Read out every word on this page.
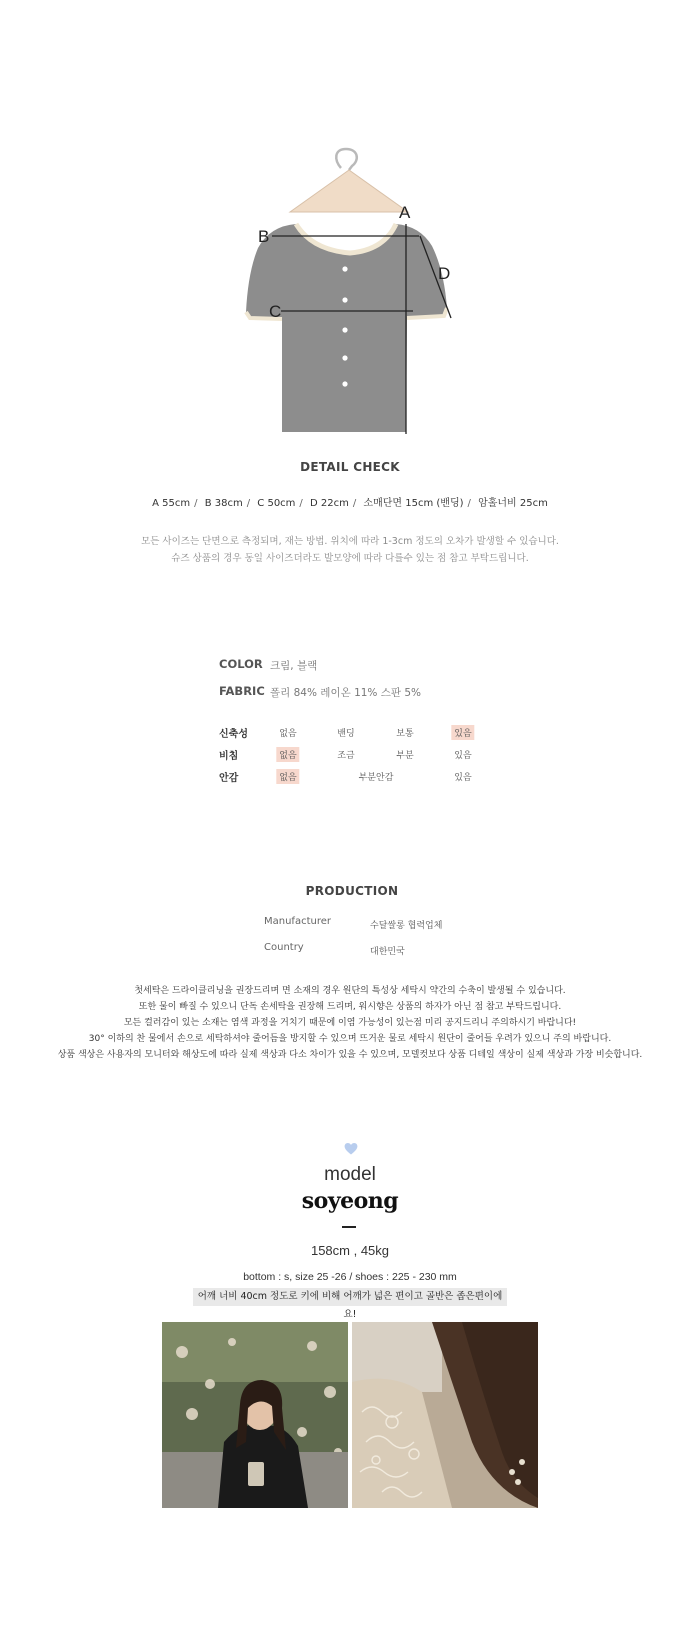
A
B
C
D
DETAIL CHECK
A 55cm / B 38cm / C 50cm / D 22cm / 소매단면 15cm (밴딩) / 암홀너비 25cm
모든 사이즈는 단면으로 측정되며, 재는 방법. 위치에 따라 1-3cm 정도의 오차가 발생할 수 있습니다.
슈즈 상품의 경우 동일 사이즈더라도 발모양에 따라 다를수 있는 점 참고 부탁드립니다.
COLOR 크림, 블랙
FABRIC 폴리 84% 레이온 11% 스판 5%
신축성	없음	밴딩	보통	있음
비침	없음	조금	부분	있음
안감	없음	부분안감	있음
PRODUCTION
Manufacturer	수달쌀롱 협력업체
Country	대한민국
첫세탁은 드라이클리닝을 권장드리며 면 소재의 경우 원단의 특성상 세탁시 약간의 수축이 발생될 수 있습니다.
또한 물이 빠질 수 있으니 단독 손세탁을 권장해 드리며, 워시향은 상품의 하자가 아닌 점 참고 부탁드립니다.
모든 컬러감이 있는 소재는 염색 과정을 거치기 때문에 이염 가능성이 있는점 미리 공지드리니 주의하시기 바랍니다!
30° 이하의 찬 물에서 손으로 세탁하셔야 줄어듬을 방지할 수 있으며 뜨거운 물로 세탁시 원단이 줄어들 우려가 있으니 주의 바랍니다.
상품 색상은 사용자의 모니터와 해상도에 따라 실제 색상과 다소 차이가 있을 수 있으며, 모델컷보다 상품 디테일 색상이 실제 색상과 가장 비슷합니다.
model
soyeong
158cm , 45kg
bottom : s, size 25 -26 / shoes : 225 - 230 mm
어깨 너비 40cm 정도로 키에 비해 어깨가 넓은 편이고 골반은 좁은편이에요!
